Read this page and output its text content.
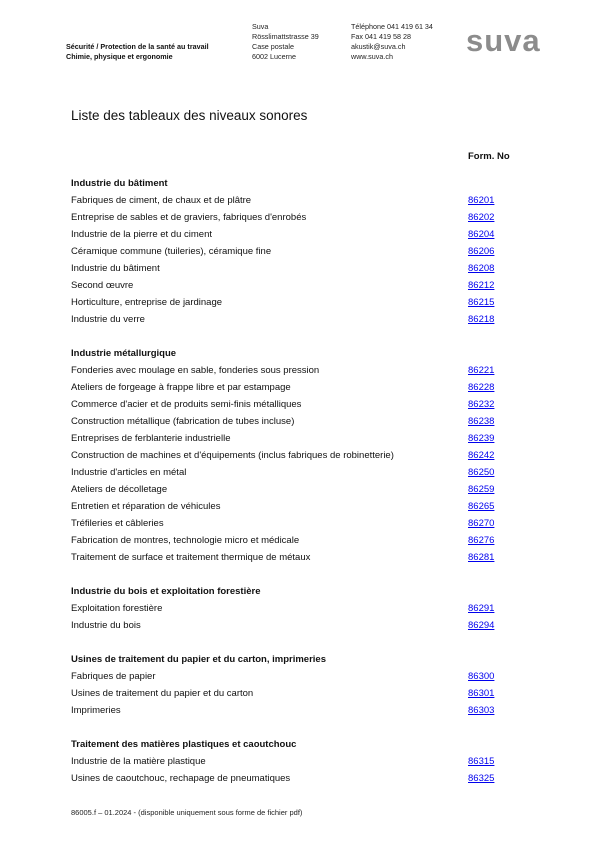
Sécurité / Protection de la santé au travail
Chimie, physique et ergonomie
Suva
Rösslimattstrasse 39
Case postale
6002 Lucerne
Téléphone 041 419 61 34
Fax 041 419 58 28
akustik@suva.ch
www.suva.ch	suva
Liste des tableaux des niveaux sonores
Form. No
Industrie du bâtiment
Fabriques de ciment, de chaux et de plâtre	86201
Entreprise de sables et de graviers, fabriques d'enrobés	86202
Industrie de la pierre et du ciment	86204
Céramique commune (tuileries), céramique fine	86206
Industrie du bâtiment	86208
Second œuvre	86212
Horticulture, entreprise de jardinage	86215
Industrie du verre	86218
Industrie métallurgique
Fonderies avec moulage en sable, fonderies sous pression	86221
Ateliers de forgeage à frappe libre et par estampage	86228
Commerce d'acier et de produits semi-finis métalliques	86232
Construction métallique (fabrication de tubes incluse)	86238
Entreprises de ferblanterie industrielle	86239
Construction de machines et d'équipements (inclus fabriques de robinetterie)	86242
Industrie d'articles en métal	86250
Ateliers de décolletage	86259
Entretien et réparation de véhicules	86265
Tréfileries et câbleries	86270
Fabrication de montres, technologie micro et médicale	86276
Traitement de surface et traitement thermique de métaux	86281
Industrie du bois et exploitation forestière
Exploitation forestière	86291
Industrie du bois	86294
Usines de traitement du papier et du carton, imprimeries
Fabriques de papier	86300
Usines de traitement du papier et du carton	86301
Imprimeries	86303
Traitement des matières plastiques et caoutchouc
Industrie de la matière plastique	86315
Usines de caoutchouc, rechapage de pneumatiques	86325
86005.f – 01.2024 - (disponible uniquement sous forme de fichier pdf)
